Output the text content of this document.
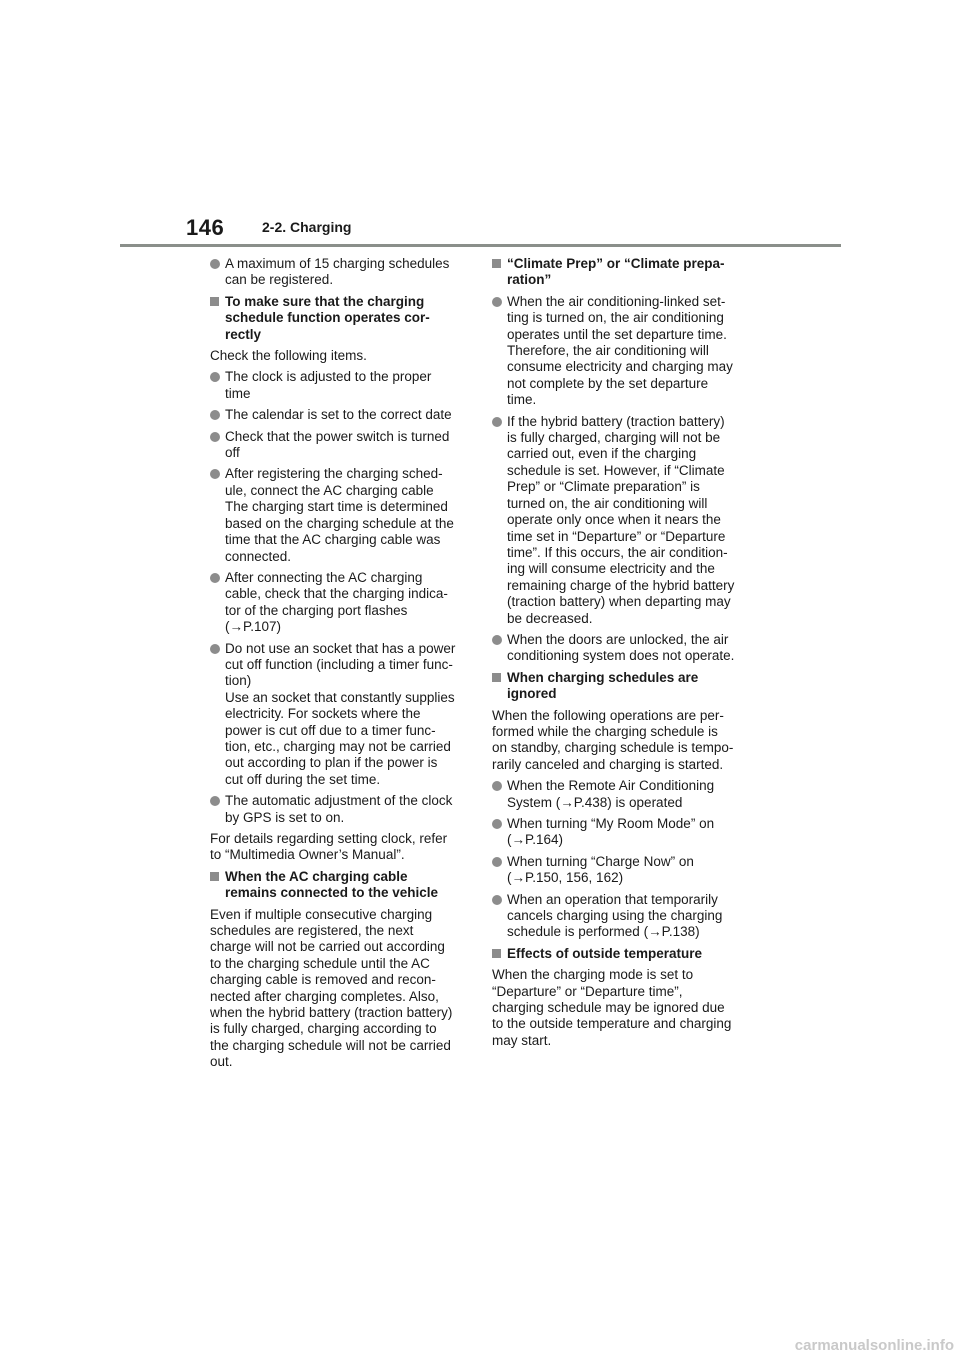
146	2-2. Charging
A maximum of 15 charging schedules
can be registered.
To make sure that the charging
schedule function operates cor-
rectly
Check the following items.
The clock is adjusted to the proper
time
The calendar is set to the correct date
Check that the power switch is turned
off
After registering the charging sched-
ule, connect the AC charging cable
The charging start time is determined
based on the charging schedule at the
time that the AC charging cable was
connected.
After connecting the AC charging
cable, check that the charging indica-
tor of the charging port flashes
(→P.107)
Do not use an socket that has a power
cut off function (including a timer func-
tion)
Use an socket that constantly supplies
electricity. For sockets where the
power is cut off due to a timer func-
tion, etc., charging may not be carried
out according to plan if the power is
cut off during the set time.
The automatic adjustment of the clock
by GPS is set to on.
For details regarding setting clock, refer
to “Multimedia Owner’s Manual”.
When the AC charging cable
remains connected to the vehicle
Even if multiple consecutive charging
schedules are registered, the next
charge will not be carried out according
to the charging schedule until the AC
charging cable is removed and recon-
nected after charging completes. Also,
when the hybrid battery (traction battery)
is fully charged, charging according to
the charging schedule will not be carried
out.
“Climate Prep” or “Climate prepa-
ration”
When the air conditioning-linked set-
ting is turned on, the air conditioning
operates until the set departure time.
Therefore, the air conditioning will
consume electricity and charging may
not complete by the set departure
time.
If the hybrid battery (traction battery)
is fully charged, charging will not be
carried out, even if the charging
schedule is set. However, if “Climate
Prep” or “Climate preparation” is
turned on, the air conditioning will
operate only once when it nears the
time set in “Departure” or “Departure
time”. If this occurs, the air condition-
ing will consume electricity and the
remaining charge of the hybrid battery
(traction battery) when departing may
be decreased.
When the doors are unlocked, the air
conditioning system does not operate.
When charging schedules are
ignored
When the following operations are per-
formed while the charging schedule is
on standby, charging schedule is tempo-
rarily canceled and charging is started.
When the Remote Air Conditioning
System (→P.438) is operated
When turning “My Room Mode” on
(→P.164)
When turning “Charge Now” on
(→P.150, 156, 162)
When an operation that temporarily
cancels charging using the charging
schedule is performed (→P.138)
Effects of outside temperature
When the charging mode is set to
“Departure” or “Departure time”,
charging schedule may be ignored due
to the outside temperature and charging
may start.
carmanualsonline.info
